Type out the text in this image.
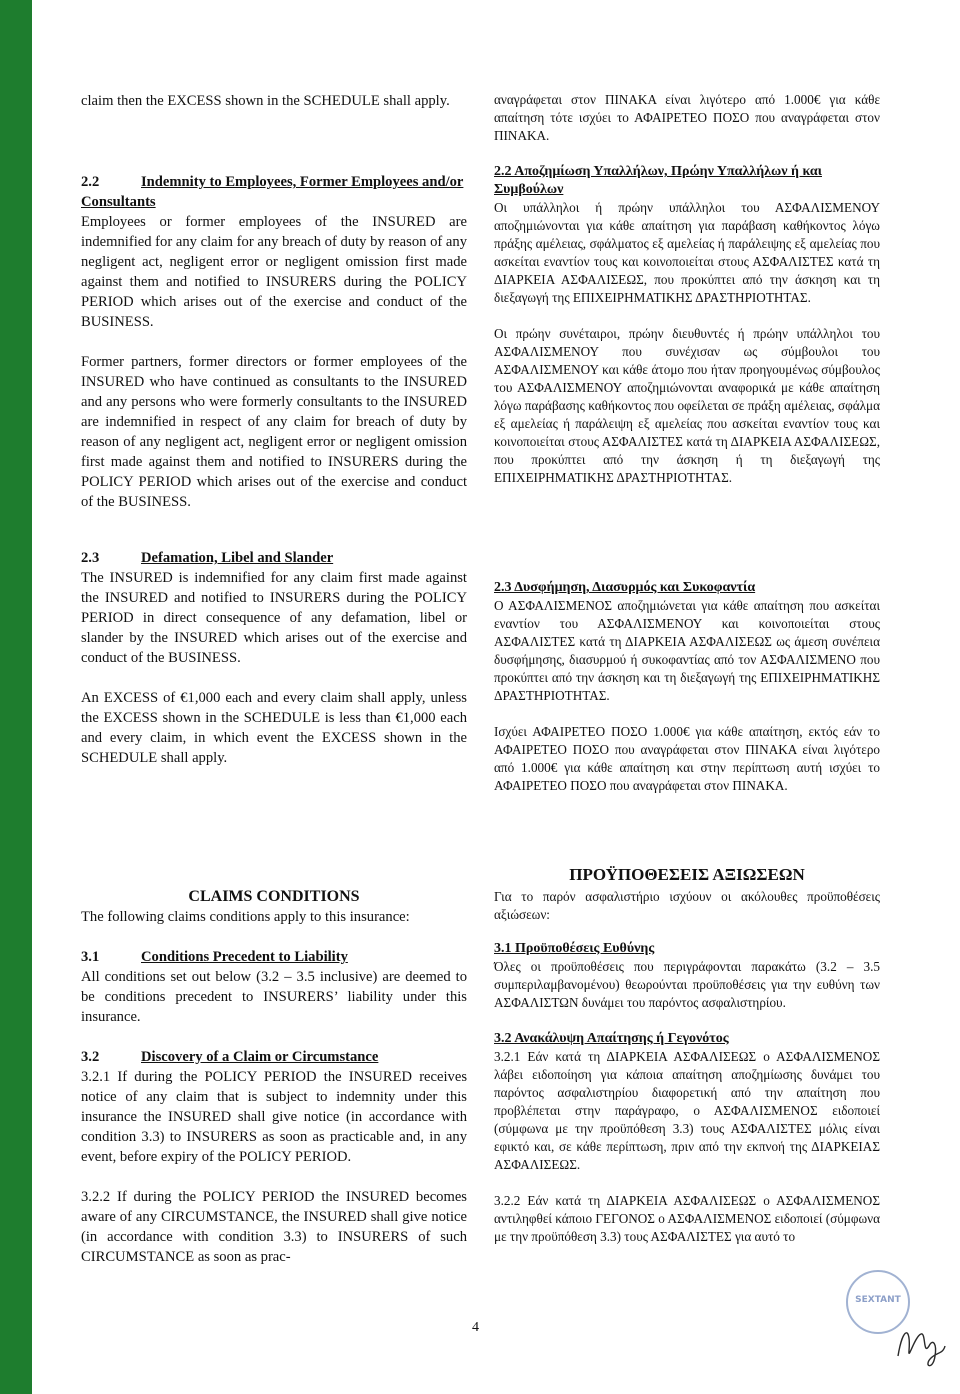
claim then the EXCESS shown in the SCHEDULE shall apply.

2.2	Indemnity to Employees, Former Employees and/or Consultants

Employees or former employees of the INSURED are indemnified for any claim for any breach of duty by reason of any negligent act, negligent error or negligent omission first made against them and notified to INSURERS during the POLICY PERIOD which arises out of the exercise and conduct of the BUSINESS.

Former partners, former directors or former employees of the INSURED who have continued as consultants to the INSURED and any persons who were formerly consultants to the INSURED are indemnified in respect of any claim for breach of duty by reason of any negligent act, negligent error or negligent omission first made against them and notified to INSURERS during the POLICY PERIOD which arises out of the exercise and conduct of the BUSINESS.

2.3	Defamation, Libel and Slander

The INSURED is indemnified for any claim first made against the INSURED and notified to INSURERS during the POLICY PERIOD in direct consequence of any defamation, libel or slander by the INSURED which arises out of the exercise and conduct of the BUSINESS.

An EXCESS of €1,000 each and every claim shall apply, unless the EXCESS shown in the SCHEDULE is less than €1,000 each and every claim, in which event the EXCESS shown in the SCHEDULE shall apply.

αναγράφεται στον ΠΙΝΑΚΑ είναι λιγότερο από 1.000€ για κάθε απαίτηση τότε ισχύει το ΑΦΑΙΡΕΤΕΟ ΠΟΣΟ που αναγράφεται στον ΠΙΝΑΚΑ.

2.2 Αποζημίωση Υπαλλήλων, Πρώην Υπαλλήλων ή και Συμβούλων

Οι υπάλληλοι ή πρώην υπάλληλοι του ΑΣΦΑΛΙΣΜΕΝΟΥ αποζημιώνονται για κάθε απαίτηση για παράβαση καθήκοντος λόγω πράξης αμέλειας, σφάλματος εξ αμελείας ή παράλειψης εξ αμελείας που ασκείται εναντίον τους και κοινοποιείται στους ΑΣΦΑΛΙΣΤΕΣ κατά τη ΔΙΑΡΚΕΙΑ ΑΣΦΑΛΙΣΕΩΣ, που προκύπτει από την άσκηση και τη διεξαγωγή της ΕΠΙΧΕΙΡΗΜΑΤΙΚΗΣ ΔΡΑΣΤΗΡΙΟΤΗΤΑΣ.

Οι πρώην συνέταιροι, πρώην διευθυντές ή πρώην υπάλληλοι του ΑΣΦΑΛΙΣΜΕΝΟΥ που συνέχισαν ως σύμβουλοι του ΑΣΦΑΛΙΣΜΕΝΟΥ και κάθε άτομο που ήταν προηγουμένως σύμβουλος του ΑΣΦΑΛΙΣΜΕΝΟΥ αποζημιώνονται αναφορικά με κάθε απαίτηση λόγω παράβασης καθήκοντος που οφείλεται σε πράξη αμέλειας, σφάλμα εξ αμελείας ή παράλειψη εξ αμελείας που ασκείται εναντίον τους και κοινοποιείται στους ΑΣΦΑΛΙΣΤΕΣ κατά τη ΔΙΑΡΚΕΙΑ ΑΣΦΑΛΙΣΕΩΣ, που προκύπτει από την άσκηση ή τη διεξαγωγή της ΕΠΙΧΕΙΡΗΜΑΤΙΚΗΣ ΔΡΑΣΤΗΡΙΟΤΗΤΑΣ.

2.3 Δυσφήμηση, Διασυρμός και Συκοφαντία

Ο ΑΣΦΑΛΙΣΜΕΝΟΣ αποζημιώνεται για κάθε απαίτηση που ασκείται εναντίον του ΑΣΦΑΛΙΣΜΕΝΟΥ και κοινοποιείται στους ΑΣΦΑΛΙΣΤΕΣ κατά τη ΔΙΑΡΚΕΙΑ ΑΣΦΑΛΙΣΕΩΣ ως άμεση συνέπεια δυσφήμησης, διασυρμού ή συκοφαντίας από τον ΑΣΦΑΛΙΣΜΕΝΟ που προκύπτει από την άσκηση και τη διεξαγωγή της ΕΠΙΧΕΙΡΗΜΑΤΙΚΗΣ ΔΡΑΣΤΗΡΙΟΤΗΤΑΣ.

Ισχύει ΑΦΑΙΡΕΤΕΟ ΠΟΣΟ 1.000€ για κάθε απαίτηση, εκτός εάν το ΑΦΑΙΡΕΤΕΟ ΠΟΣΟ που αναγράφεται στον ΠΙΝΑΚΑ είναι λιγότερο από 1.000€ για κάθε απαίτηση και στην περίπτωση αυτή ισχύει το ΑΦΑΙΡΕΤΕΟ ΠΟΣΟ που αναγράφεται στον ΠΙΝΑΚΑ.

CLAIMS CONDITIONS

The following claims conditions apply to this insurance:

3.1	Conditions Precedent to Liability

All conditions set out below (3.2 – 3.5 inclusive) are deemed to be conditions precedent to INSURERS’ liability under this insurance.

3.2	Discovery of a Claim or Circumstance

3.2.1 If during the POLICY PERIOD the INSURED receives notice of any claim that is subject to indemnity under this insurance the INSURED shall give notice (in accordance with condition 3.3) to INSURERS as soon as practicable and, in any event, before expiry of the POLICY PERIOD.

3.2.2 If during the POLICY PERIOD the INSURED becomes aware of any CIRCUMSTANCE, the INSURED shall give notice (in accordance with condition 3.3) to INSURERS of such CIRCUMSTANCE as soon as prac-

ΠΡΟΫΠΟΘΕΣΕΙΣ ΑΞΙΩΣΕΩΝ

Για το παρόν ασφαλιστήριο ισχύουν οι ακόλουθες προϋποθέσεις αξιώσεων:

3.1 Προϋποθέσεις Ευθύνης

Όλες οι προϋποθέσεις που περιγράφονται παρακάτω (3.2 – 3.5 συμπεριλαμβανομένου) θεωρούνται προϋποθέσεις για την ευθύνη των ΑΣΦΑΛΙΣΤΩΝ δυνάμει του παρόντος ασφαλιστηρίου.

3.2 Ανακάλυψη Απαίτησης ή Γεγονότος

3.2.1 Εάν κατά τη ΔΙΑΡΚΕΙΑ ΑΣΦΑΛΙΣΕΩΣ ο ΑΣΦΑΛΙΣΜΕΝΟΣ λάβει ειδοποίηση για κάποια απαίτηση αποζημίωσης δυνάμει του παρόντος ασφαλιστηρίου διαφορετική από την απαίτηση που προβλέπεται στην παράγραφο, ο ΑΣΦΑΛΙΣΜΕΝΟΣ ειδοποιεί (σύμφωνα με την προϋπόθεση 3.3) τους ΑΣΦΑΛΙΣΤΕΣ μόλις είναι εφικτό και, σε κάθε περίπτωση, πριν από την εκπνοή της ΔΙΑΡΚΕΙΑΣ ΑΣΦΑΛΙΣΕΩΣ.

3.2.2 Εάν κατά τη ΔΙΑΡΚΕΙΑ ΑΣΦΑΛΙΣΕΩΣ ο ΑΣΦΑΛΙΣΜΕΝΟΣ αντιληφθεί κάποιο ΓΕΓΟΝΟΣ ο ΑΣΦΑΛΙΣΜΕΝΟΣ ειδοποιεί (σύμφωνα με την προϋπόθεση 3.3) τους ΑΣΦΑΛΙΣΤΕΣ για αυτό το

4
SEXTANT
